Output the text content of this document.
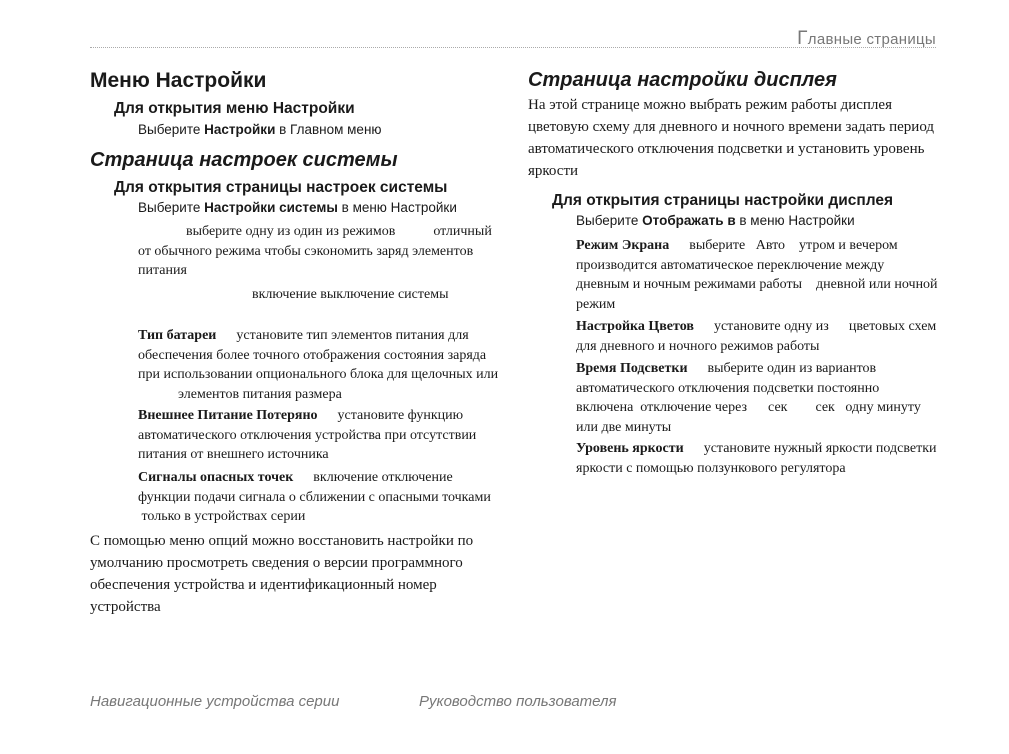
Главные страницы
Меню Настройки
Для открытия меню Настройки
Выберите Настройки в Главном меню
Страница настроек системы
Для открытия страницы настроек системы
Выберите Настройки системы в меню Настройки
выберите одну из один из режимов	отличный
от обычного режима чтобы сэкономить заряд элементов
питания
включение выключение системы
Тип батареи установите тип элементов питания для
обеспечения более точного отображения состояния заряда
при использовании опционального блока для щелочных или
элементов питания размера
Внешнее Питание Потеряно установите функцию
автоматического отключения устройства при отсутствии
питания от внешнего источника
Сигналы опасных точек включение отключение
функции подачи сигнала о сближении с опасными точками
только в устройствах серии
С помощью меню опций можно восстановить настройки по
умолчанию просмотреть сведения о версии программного
обеспечения устройства и идентификационный номер
устройства
Страница настройки дисплея
На этой странице можно выбрать режим работы дисплея
цветовую схему для дневного и ночного времени задать период
автоматического отключения подсветки и установить уровень
яркости
Для открытия страницы настройки дисплея
Выберите Отображать в в меню Настройки
Режим Экрана выберите   Авто    утром и вечером
производится автоматическое переключение между
дневным и ночным режимами работы    дневной или ночной
режим
Настройка Цветов установите одну из цветовых схем
для дневного и ночного режимов работы
Время Подсветки выберите один из вариантов
автоматического отключения подсветки постоянно
включена  отключение через      сек        сек   одну минуту
или две минуты
Уровень яркости установите нужный яркости подсветки
яркости с помощью ползункового регулятора
Навигационные устройства серии	Руководство пользователя
